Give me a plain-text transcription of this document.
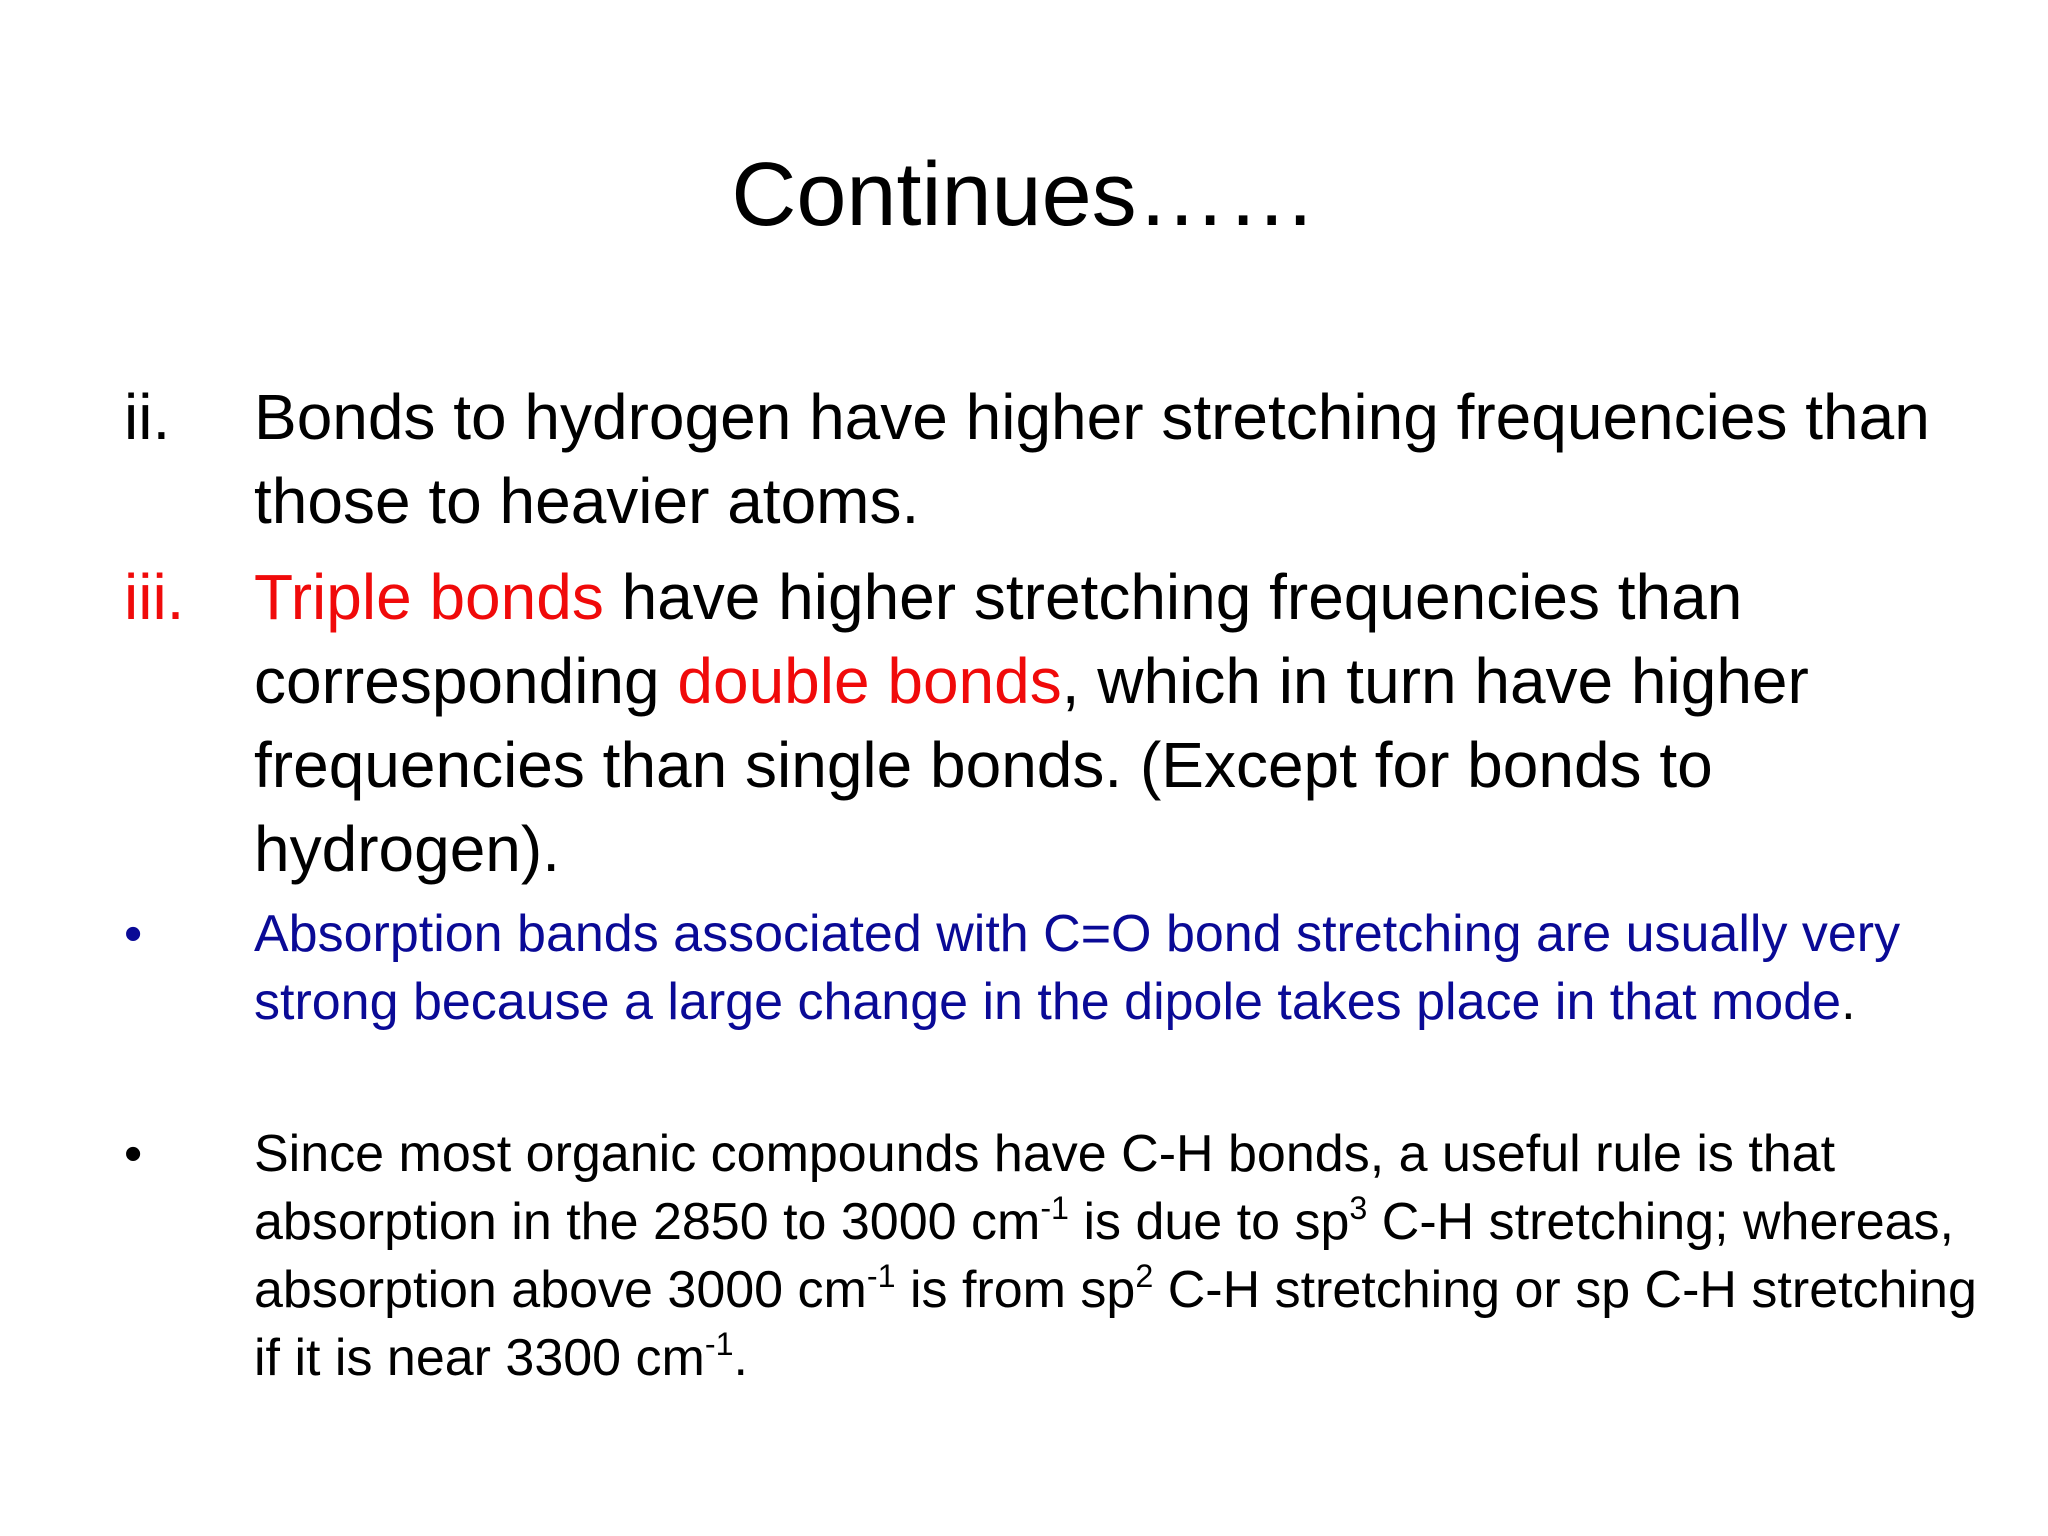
Continues……
ii. Bonds to hydrogen have higher stretching frequencies than those to heavier atoms.
iii. Triple bonds have higher stretching frequencies than corresponding double bonds, which in turn have higher frequencies than single bonds. (Except for bonds to hydrogen).
• Absorption bands associated with C=O bond stretching are usually very strong because a large change in the dipole takes place in that mode.
• Since most organic compounds have C-H bonds, a useful rule is that absorption in the 2850 to 3000 $cm^{-1}$ is due to $sp^3$ C-H stretching; whereas, absorption above 3000 $cm^{-1}$ is from $sp^2$ C-H stretching or sp C-H stretching if it is near 3300 $cm^{-1}$.
